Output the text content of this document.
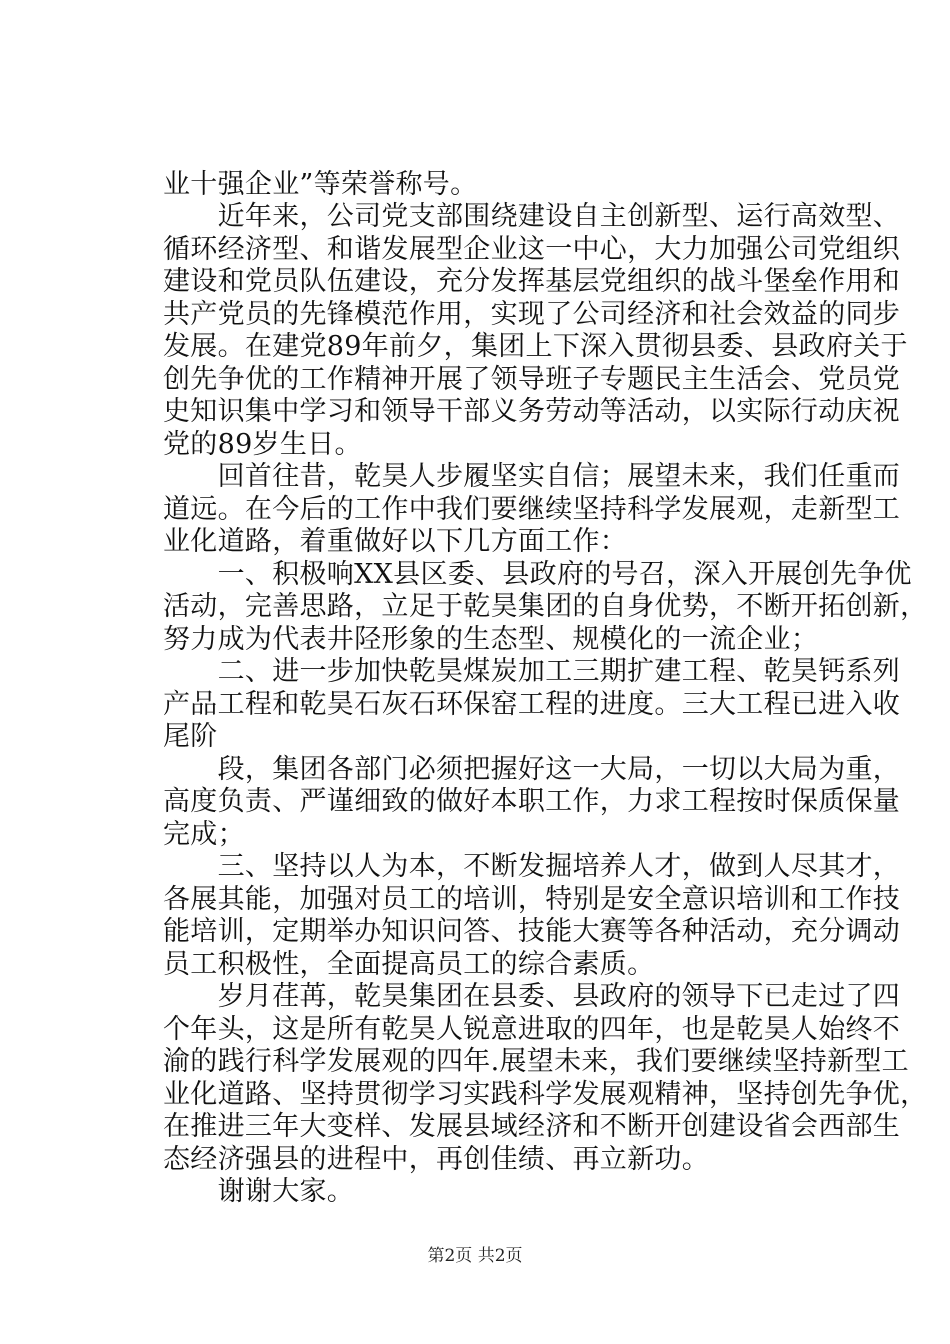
业十强企业”等荣誉称号。
　　近年来，公司党支部围绕建设自主创新型、运行高效型、
循环经济型、和谐发展型企业这一中心，大力加强公司党组织
建设和党员队伍建设，充分发挥基层党组织的战斗堡垒作用和
共产党员的先锋模范作用，实现了公司经济和社会效益的同步
发展。在建党89年前夕，集团上下深入贯彻县委、县政府关于
创先争优的工作精神开展了领导班子专题民主生活会、党员党
史知识集中学习和领导干部义务劳动等活动，以实际行动庆祝
党的89岁生日。
　　回首往昔，乾昊人步履坚实自信；展望未来，我们任重而
道远。在今后的工作中我们要继续坚持科学发展观，走新型工
业化道路，着重做好以下几方面工作：
　　一、积极响XX县区委、县政府的号召，深入开展创先争优
活动，完善思路，立足于乾昊集团的自身优势，不断开拓创新，
努力成为代表井陉形象的生态型、规模化的一流企业；
　　二、进一步加快乾昊煤炭加工三期扩建工程、乾昊钙系列
产品工程和乾昊石灰石环保窑工程的进度。三大工程已进入收
尾阶
　　段，集团各部门必须把握好这一大局，一切以大局为重，
高度负责、严谨细致的做好本职工作，力求工程按时保质保量
完成；
　　三、坚持以人为本，不断发掘培养人才，做到人尽其才，
各展其能，加强对员工的培训，特别是安全意识培训和工作技
能培训，定期举办知识问答、技能大赛等各种活动，充分调动
员工积极性，全面提高员工的综合素质。
　　岁月荏苒，乾昊集团在县委、县政府的领导下已走过了四
个年头，这是所有乾昊人锐意进取的四年，也是乾昊人始终不
渝的践行科学发展观的四年.展望未来，我们要继续坚持新型工
业化道路、坚持贯彻学习实践科学发展观精神，坚持创先争优，
在推进三年大变样、发展县域经济和不断开创建设省会西部生
态经济强县的进程中，再创佳绩、再立新功。
　　谢谢大家。
第2页 共2页
